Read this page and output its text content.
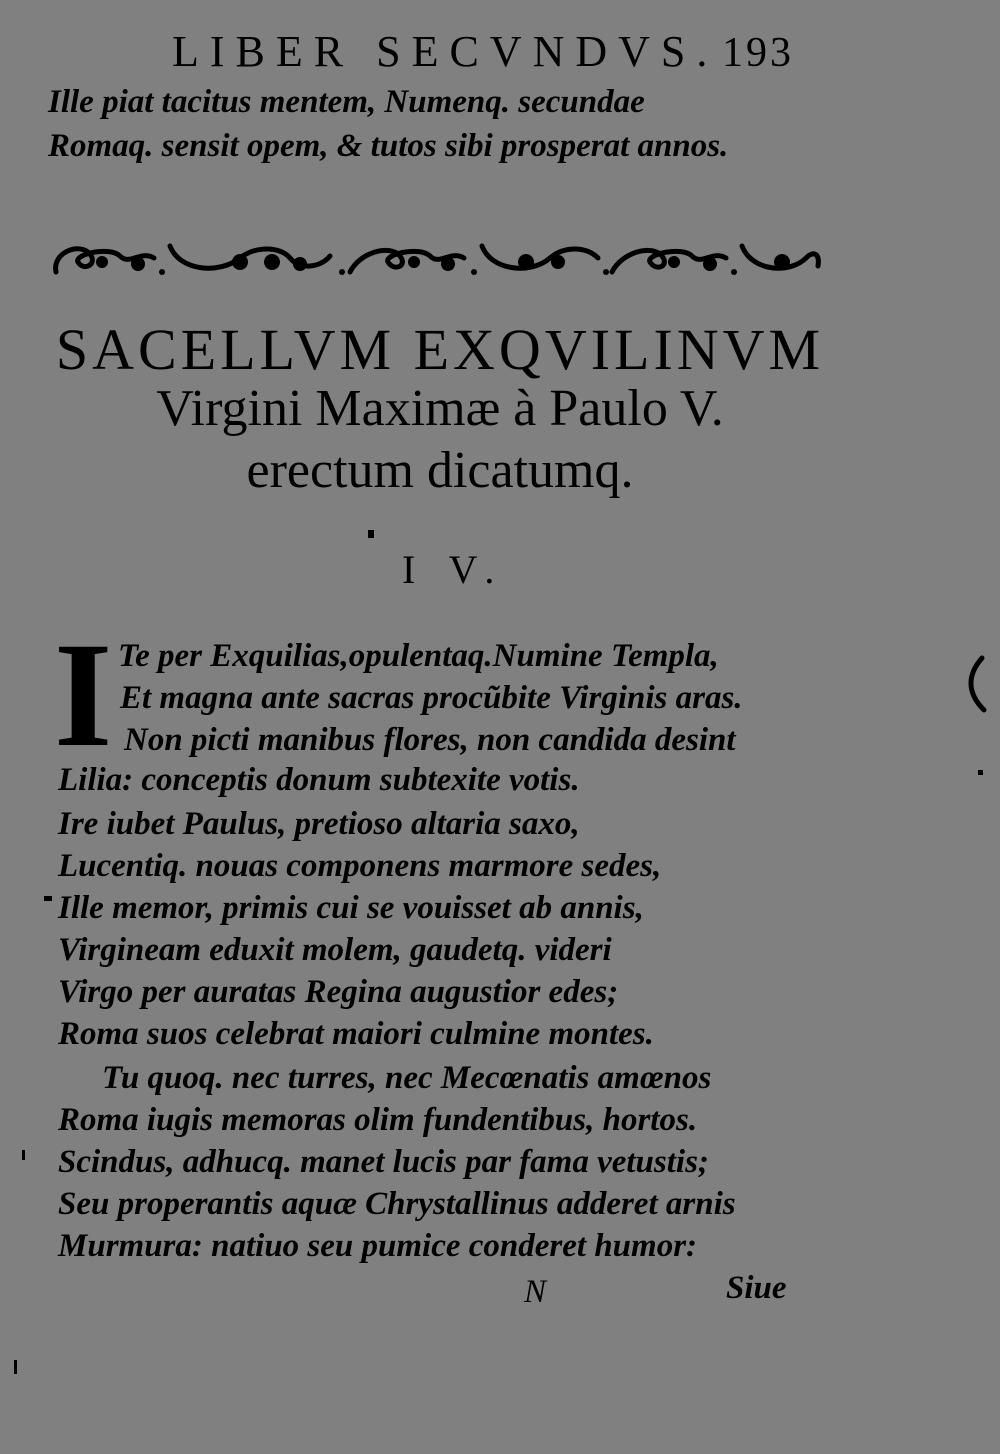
LIBER SECVNDVS. 193
Ille piat tacitus mentem, Numenq. secundae
Romaq. sensit opem, & tutos sibi prosperat annos.
SACELLVM EXQVILINVM
Virgini Maximæ à Paulo V.
erectum dicatumq.
I V.
I Te per Exquilias,opulentaq.Numine Templa,
Et magna ante sacras procũbite Virginis aras.
Non picti manibus flores, non candida desint
Lilia: conceptis donum subtexite votis.
Ire iubet Paulus, pretioso altaria saxo,
Lucentiq. nouas componens marmore sedes,
Ille memor, primis cui se vouisset ab annis,
Virgineam eduxit molem, gaudetq. videri
Virgo per auratas Regina augustior edes;
Roma suos celebrat maiori culmine montes.
Tu quoq. nec turres, nec Mecœnatis amœnos
Roma iugis memoras olim fundentibus, hortos.
Scindus, adhucq. manet lucis par fama vetustis;
Seu properantis aquæ Chrystallinus adderet arnis
Murmura: natiuo seu pumice conderet humor:
N	Siue
